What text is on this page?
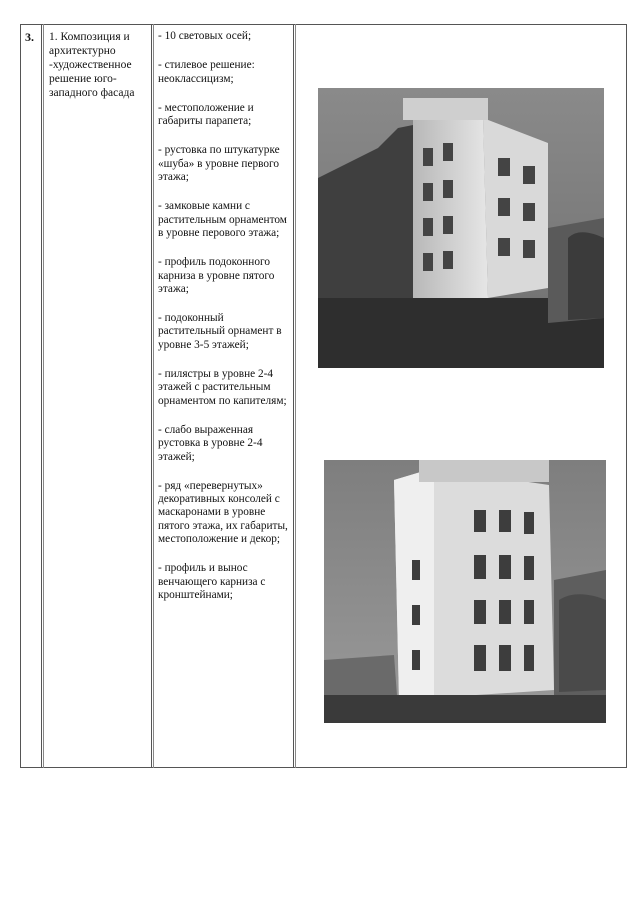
3. 1. Композиция и архитектурно -художественное решение юго-западного фасада

- 10 световых осей;

- стилевое решение: неоклассицизм;

- местоположение и габариты парапета;

- рустовка по штукатурке «шуба» в уровне первого этажа;

- замковые камни с растительным орнаментом в уровне перового этажа;

- профиль подоконного карниза в уровне пятого этажа;

- подоконный растительный орнамент в уровне 3-5 этажей;

- пилястры в уровне 2-4 этажей с растительным орнаментом по капителям;

- слабо выраженная рустовка в уровне 2-4 этажей;

- ряд «перевернутых» декоративных консолей с маскаронами в уровне пятого этажа, их габариты, местоположение и декор;

- профиль и вынос венчающего карниза с кронштейнами;
